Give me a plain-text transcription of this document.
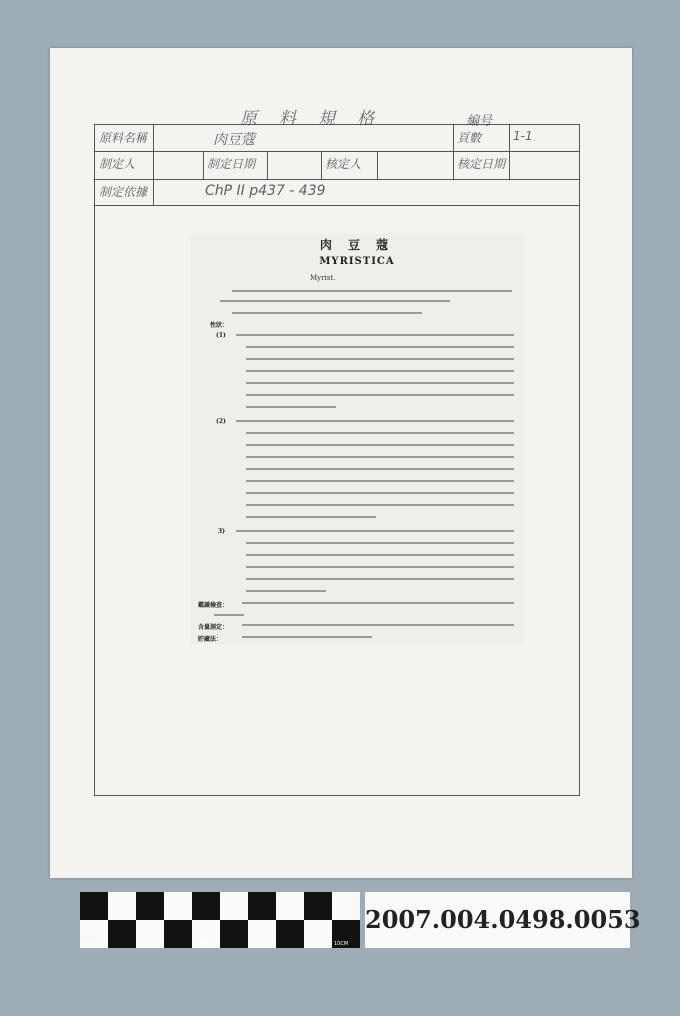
原料規格	編号
原料名稱	肉豆蔻	頁數	1-1
制定人	制定日期	核定人	核定日期
制定依據	ChP II p437 - 439
肉 豆 蔻
MYRISTICA
Myrist.
性狀：
(1)
(2)
3)
鑑識檢查：
含量測定：
貯藏法：
0CM	5CM	10CM
2007.004.0498.0053
